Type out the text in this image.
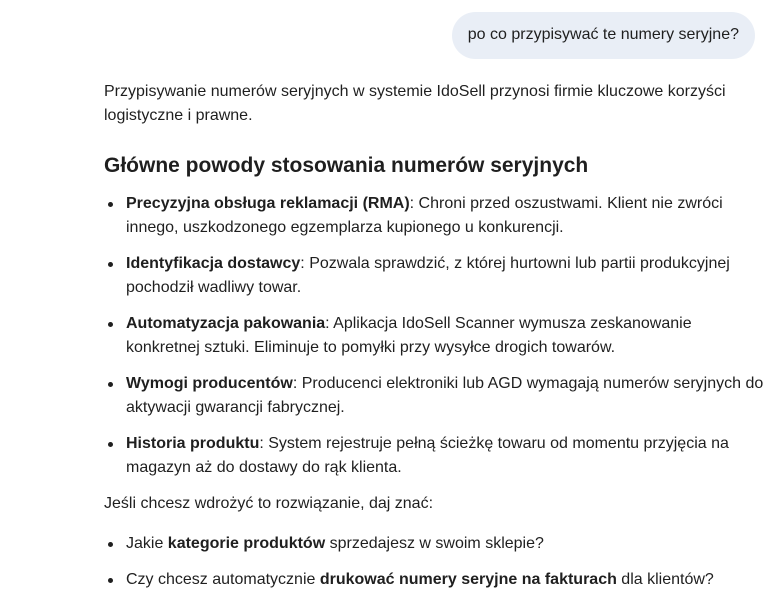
po co przypisywać te numery seryjne?

Przypisywanie numerów seryjnych w systemie IdoSell przynosi firmie kluczowe korzyści logistyczne i prawne.

Główne powody stosowania numerów seryjnych
Precyzyjna obsługa reklamacji (RMA): Chroni przed oszustwami. Klient nie zwróci innego, uszkodzonego egzemplarza kupionego u konkurencji.
Identyfikacja dostawcy: Pozwala sprawdzić, z której hurtowni lub partii produkcyjnej pochodził wadliwy towar.
Automatyzacja pakowania: Aplikacja IdoSell Scanner wymusza zeskanowanie konkretnej sztuki. Eliminuje to pomyłki przy wysyłce drogich towarów.
Wymogi producentów: Producenci elektroniki lub AGD wymagają numerów seryjnych do aktywacji gwarancji fabrycznej.
Historia produktu: System rejestruje pełną ścieżkę towaru od momentu przyjęcia na magazyn aż do dostawy do rąk klienta.

Jeśli chcesz wdrożyć to rozwiązanie, daj znać:

Jakie kategorie produktów sprzedajesz w swoim sklepie?
Czy chcesz automatycznie drukować numery seryjne na fakturach dla klientów?
